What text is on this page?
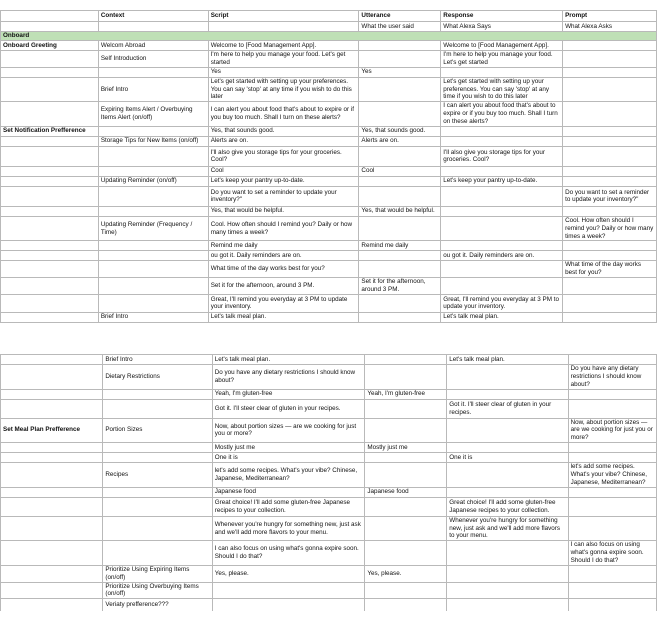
	Context	Script	Utterance	Response	Prompt
			What the user said	What Alexa Says	What Alexa Asks
Onboard					
Onboard Greeting	Welcom Abroad	Welcome to [Food Management App].		Welcome to [Food Management App].	
	Self Introduction	I'm here to help you manage your food. Let's get started		I'm here to help you manage your food. Let's get started	
		Yes	Yes		
	Brief Intro	Let's get started with setting up your preferences. You can say 'stop' at any time if you wish to do this later		Let's get started with setting up your preferences. You can say 'stop' at any time if you wish to do this later	
	Expiring Items Alert / Overbuying Items Alert (on/off)	I can alert you about food that's about to expire or if you buy too much. Shall I turn on these alerts?		I can alert you about food that's about to expire or if you buy too much. Shall I turn on these alerts?	
Set Notification Prefference		Yes, that sounds good.	Yes, that sounds good.		
	Storage Tips for New Items (on/off)	Alerts are on.	Alerts are on.		
		I'll also give you storage tips for your groceries. Cool?		I'll also give you storage tips for your groceries. Cool?	
		Cool	Cool		
	Updating Reminder (on/off)	Let's keep your pantry up-to-date.		Let's keep your pantry up-to-date.	
		Do you want to set a reminder to update your inventory?"			Do you want to set a reminder to update your inventory?"
		Yes, that would be helpful.	Yes, that would be helpful.		
	Updating Reminder (Frequency / Time)	Cool. How often should I remind you? Daily or how many times a week?			Cool. How often should I remind you? Daily or how many times a week?
		Remind me daily	Remind me daily		
		ou got it. Daily reminders are on.		ou got it. Daily reminders are on.	
		What time of the day works best for you?			What time of the day works best for you?
		Set it for the afternoon, around 3 PM.	Set it for the afternoon, around 3 PM.		
		Great, I'll remind you everyday at 3 PM to update your inventory.		Great, I'll remind you everyday at 3 PM to update your inventory.	
	Brief Intro	Let's talk meal plan.		Let's talk meal plan.	
	Brief Intro	Let's talk meal plan.		Let's talk meal plan.	
	Dietary Restrictions	Do you have any dietary restrictions I should know about?			Do you have any dietary restrictions I should know about?
		Yeah, I'm gluten-free	Yeah, I'm gluten-free		
		Got it. I'll steer clear of gluten in your recipes.		Got it. I'll steer clear of gluten in your recipes.	
Set Meal Plan Prefference	Portion Sizes	Now, about portion sizes — are we cooking for just you or more?			Now, about portion sizes — are we cooking for just you or more?
		Mostly just me	Mostly just me		
		One it is		One it is	
	Recipes	let's add some recipes. What's your vibe? Chinese, Japanese, Mediterranean?			let's add some recipes. What's your vibe? Chinese, Japanese, Mediterranean?
		Japanese food	Japanese food		
		Great choice! I'll add some gluten-free Japanese recipes to your collection.		Great choice! I'll add some gluten-free Japanese recipes to your collection.	
		Whenever you're hungry for something new, just ask and we'll add more flavors to your menu.		Whenever you're hungry for something new, just ask and we'll add more flavors to your menu.	
		I can also focus on using what's gonna expire soon. Should I do that?			I can also focus on using what's gonna expire soon. Should I do that?
	Prioritize Using Expiring Items (on/off)	Yes, please.	Yes, please.		
	Prioritize Using Overbuying Items (on/off)				
	Veriaty prefference???				
